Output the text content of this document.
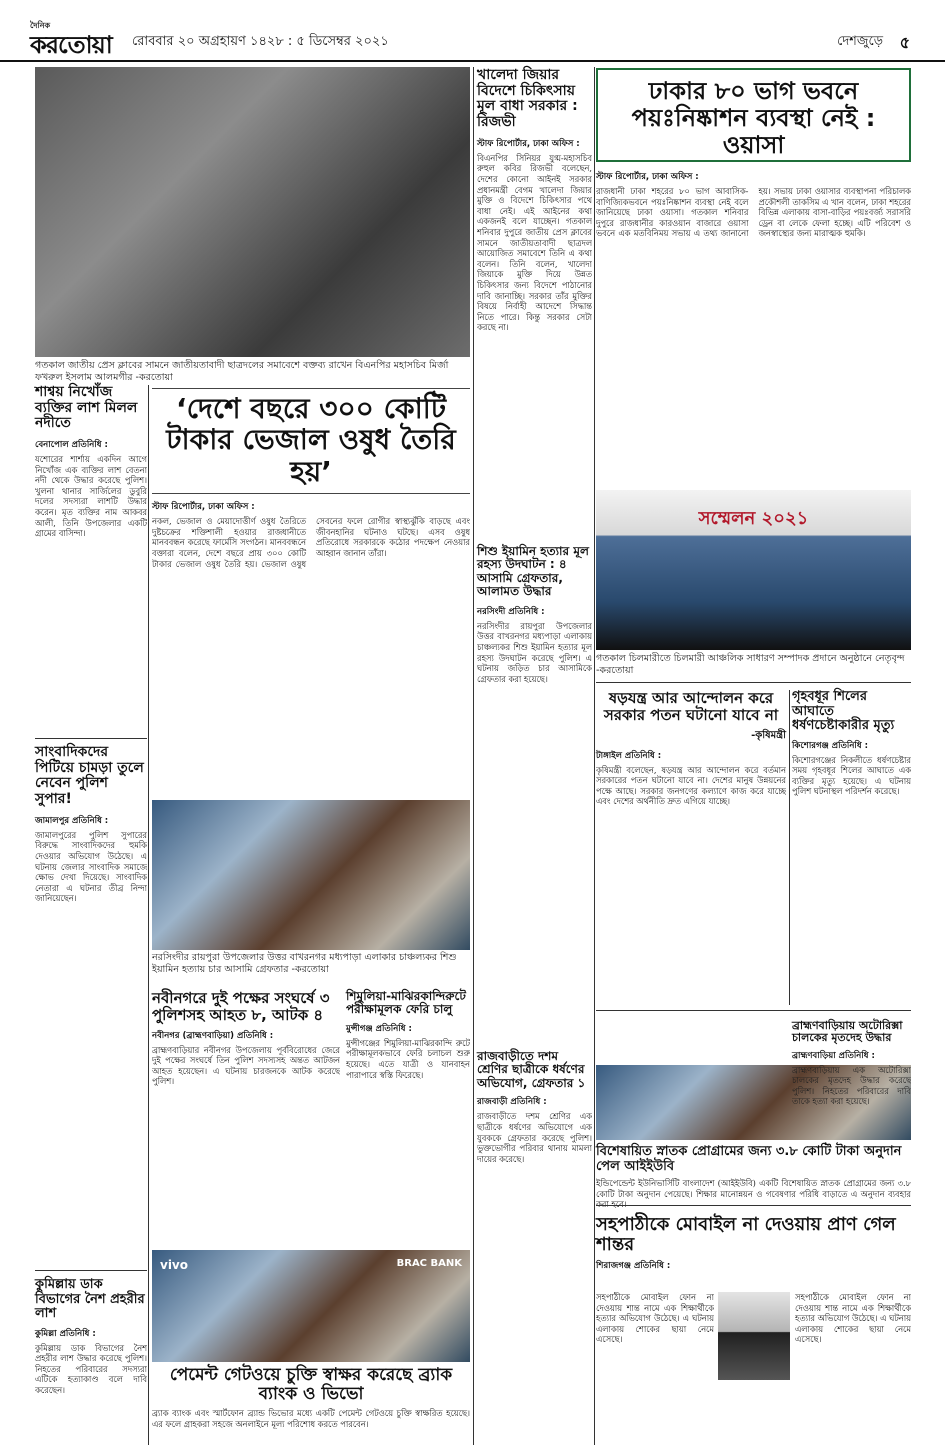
দৈনিক
করতোয়া	রোববার ২০ অগ্রহায়ণ ১৪২৮ : ৫ ডিসেম্বর ২০২১	দেশজুড়ে ৫
গতকাল জাতীয় প্রেস ক্লাবের সামনে জাতীয়তাবাদী ছাত্রদলের সমাবেশে বক্তব্য রাখেন বিএনপির মহাসচিব মির্জা ফখরুল ইসলাম আলমগীর -করতোয়া
খালেদা জিয়ার বিদেশে চিকিৎসায় মূল বাধা সরকার : রিজভী
স্টাফ রিপোর্টার, ঢাকা অফিস :
বিএনপির সিনিয়র যুগ্ম-মহাসচিব রুহুল কবির রিজভী বলেছেন, দেশের কোনো আইনই সরকার প্রধানমন্ত্রী বেগম খালেদা জিয়ার মুক্তি ও বিদেশে চিকিৎসার পথে বাধা নেই। এই আইনের কথা একজনই বলে যাচ্ছেন। গতকাল শনিবার দুপুরে জাতীয় প্রেস ক্লাবের সামনে জাতীয়তাবাদী ছাত্রদল আয়োজিত সমাবেশে তিনি এ কথা বলেন। তিনি বলেন, খালেদা জিয়াকে মুক্তি দিয়ে উন্নত চিকিৎসার জন্য বিদেশে পাঠানোর দাবি জানাচ্ছি। সরকার তাঁর মুক্তির বিষয়ে নির্বাহী আদেশে সিদ্ধান্ত নিতে পারে। কিন্তু সরকার সেটা করছে না।
ঢাকার ৮০ ভাগ ভবনে পয়ঃনিষ্কাশন ব্যবস্থা নেই : ওয়াসা
স্টাফ রিপোর্টার, ঢাকা অফিস :
রাজধানী ঢাকা শহরের ৮০ ভাগ আবাসিক-বাণিজ্যিকভবনে পয়ঃনিষ্কাশন ব্যবস্থা নেই বলে জানিয়েছে ঢাকা ওয়াসা। গতকাল শনিবার দুপুরে রাজধানীর কারওয়ান বাজারে ওয়াসা ভবনে এক মতবিনিময় সভায় এ তথ্য জানানো হয়। সভায় ঢাকা ওয়াসার ব্যবস্থাপনা পরিচালক প্রকৌশলী তাকসিম এ খান বলেন, ঢাকা শহরের বিভিন্ন এলাকায় বাসা-বাড়ির পয়ঃবর্জ্য সরাসরি ড্রেন বা লেকে ফেলা হচ্ছে। এটি পরিবেশ ও জনস্বাস্থ্যের জন্য মারাত্মক হুমকি।
শাশ্বয় নিখোঁজ ব্যক্তির লাশ মিলল নদীতে
বেনাপোল প্রতিনিধি :
যশোরের শার্শায় একদিন আগে নিখোঁজ এক ব্যক্তির লাশ বেতনা নদী থেকে উদ্ধার করেছে পুলিশ। খুলনা থানার সার্জিলের ডুবুরি দলের সদস্যরা লাশটি উদ্ধার করেন। মৃত ব্যক্তির নাম আকবর আলী, তিনি উপজেলার একটি গ্রামের বাসিন্দা।
‘দেশে বছরে ৩০০ কোটি টাকার ভেজাল ওষুধ তৈরি হয়’
স্টাফ রিপোর্টার, ঢাকা অফিস :
নকল, ভেজাল ও মেয়াদোত্তীর্ণ ওষুধ তৈরিতে দুষ্টচক্রের শক্তিশালী হওয়ার রাজধানীতে মানববন্ধন করেছে ফার্মেসি সংগঠন। মানববন্ধনে বক্তারা বলেন, দেশে বছরে প্রায় ৩০০ কোটি টাকার ভেজাল ওষুধ তৈরি হয়। ভেজাল ওষুধ সেবনের ফলে রোগীর স্বাস্থ্যঝুঁকি বাড়ছে এবং জীবনহানির ঘটনাও ঘটছে। এসব ওষুধ প্রতিরোধে সরকারকে কঠোর পদক্ষেপ নেওয়ার আহ্বান জানান তাঁরা।
সাংবাদিকদের পিটিয়ে চামড়া তুলে নেবেন পুলিশ সুপার!
জামালপুর প্রতিনিধি :
জামালপুরের পুলিশ সুপারের বিরুদ্ধে সাংবাদিকদের হুমকি দেওয়ার অভিযোগ উঠেছে। এ ঘটনায় জেলার সাংবাদিক সমাজে ক্ষোভ দেখা দিয়েছে। সাংবাদিক নেতারা এ ঘটনার তীব্র নিন্দা জানিয়েছেন।
কুমিল্লায় ডাক বিভাগের নৈশ প্রহরীর লাশ
কুমিল্লা প্রতিনিধি :
কুমিল্লায় ডাক বিভাগের নৈশ প্রহরীর লাশ উদ্ধার করেছে পুলিশ। নিহতের পরিবারের সদস্যরা এটিকে হত্যাকাণ্ড বলে দাবি করেছেন।
শিশু ইয়ামিন হত্যার মূল রহস্য উদঘাটন : ৪ আসামি গ্রেফতার, আলামত উদ্ধার
নরসিংদী প্রতিনিধি :
নরসিংদীর রায়পুরা উপজেলার উত্তর বাখরনগর মধ্যপাড়া এলাকায় চাঞ্চল্যকর শিশু ইয়ামিন হত্যার মূল রহস্য উদঘাটন করেছে পুলিশ। এ ঘটনায় জড়িত চার আসামিকে গ্রেফতার করা হয়েছে।
সম্মেলন ২০২১
গতকাল চিলমারীতে চিলমারী আঞ্চলিক সাধারণ সম্পাদক প্রদানে অনুষ্ঠানে নেতৃবৃন্দ -করতোয়া
ষড়যন্ত্র আর আন্দোলন করে সরকার পতন ঘটানো যাবে না
-কৃষিমন্ত্রী
টাঙ্গাইল প্রতিনিধি :
কৃষিমন্ত্রী বলেছেন, ষড়যন্ত্র আর আন্দোলন করে বর্তমান সরকারের পতন ঘটানো যাবে না। দেশের মানুষ উন্নয়নের পক্ষে আছে। সরকার জনগণের কল্যাণে কাজ করে যাচ্ছে এবং দেশের অর্থনীতি দ্রুত এগিয়ে যাচ্ছে।
গৃহবধূর শিলের আঘাতে ধর্ষণচেষ্টাকারীর মৃত্যু
কিশোরগঞ্জ প্রতিনিধি :
কিশোরগঞ্জের নিকলীতে ধর্ষণচেষ্টার সময় গৃহবধূর শিলের আঘাতে এক ব্যক্তির মৃত্যু হয়েছে। এ ঘটনায় পুলিশ ঘটনাস্থল পরিদর্শন করেছে।
নরসিংদীর রায়পুরা উপজেলার উত্তর বাখরনগর মধ্যপাড়া এলাকার চাঞ্চল্যকর শিশু ইয়ামিন হত্যায় চার আসামি গ্রেফতার -করতোয়া
নবীনগরে দুই পক্ষের সংঘর্ষে ৩ পুলিশসহ আহত ৮, আটক ৪
নবীনগর (ব্রাহ্মণবাড়িয়া) প্রতিনিধি :
ব্রাহ্মণবাড়িয়ার নবীনগর উপজেলায় পূর্ববিরোধের জেরে দুই পক্ষের সংঘর্ষে তিন পুলিশ সদস্যসহ অন্তত আটজন আহত হয়েছেন। এ ঘটনায় চারজনকে আটক করেছে পুলিশ।
শিমুলিয়া-মাঝিরকান্দিরুটে পরীক্ষামূলক ফেরি চালু
মুন্সীগঞ্জ প্রতিনিধি :
মুন্সীগঞ্জের শিমুলিয়া-মাঝিরকান্দি রুটে পরীক্ষামূলকভাবে ফেরি চলাচল শুরু হয়েছে। এতে যাত্রী ও যানবাহন পারাপারে স্বস্তি ফিরেছে।
রাজবাড়ীতে দশম শ্রেণির ছাত্রীকে ধর্ষণের অভিযোগ, গ্রেফতার ১
রাজবাড়ী প্রতিনিধি :
রাজবাড়ীতে দশম শ্রেণির এক ছাত্রীকে ধর্ষণের অভিযোগে এক যুবককে গ্রেফতার করেছে পুলিশ। ভুক্তভোগীর পরিবার থানায় মামলা দায়ের করেছে।	বিশেষায়িত স্নাতক প্রোগ্রামের জন্য ৩.৮ কোটি টাকা অনুদান পেল আইইউবি
ইন্ডিপেন্ডেন্ট ইউনিভার্সিটি বাংলাদেশ (আইইউবি) একটি বিশেষায়িত স্নাতক প্রোগ্রামের জন্য ৩.৮ কোটি টাকা অনুদান পেয়েছে। শিক্ষার মানোন্নয়ন ও গবেষণার পরিধি বাড়াতে এ অনুদান ব্যবহার
ব্রাহ্মণবাড়িয়ায় অটোরিক্সা চালকের মৃতদেহ উদ্ধার
ব্রাহ্মণবাড়িয়া প্রতিনিধি :
ব্রাহ্মণবাড়িয়ায় এক অটোরিক্সা চালকের মৃতদেহ উদ্ধার করেছে পুলিশ। নিহতের পরিবারের দাবি তাকে হত্যা করা হয়েছে।
vivo	BRAC BANK
পেমেন্ট গেটওয়ে চুক্তি স্বাক্ষর করেছে ব্র্যাক ব্যাংক ও ভিভো
ব্র্যাক ব্যাংক এবং স্মার্টফোন ব্র্যান্ড ভিভোর মধ্যে একটি পেমেন্ট গেটওয়ে চুক্তি স্বাক্ষরিত হয়েছে। এর ফলে গ্রাহকরা সহজে অনলাইনে মূল্য পরিশোধ করতে পারবেন।
সহপাঠীকে মোবাইল না দেওয়ায় প্রাণ গেল শান্তর
শিরাজগঞ্জ প্রতিনিধি :
সহপাঠীকে মোবাইল ফোন না দেওয়ায় শান্ত নামে এক শিক্ষার্থীকে হত্যার অভিযোগ উঠেছে। এ ঘটনায় এলাকায় শোকের ছায়া নেমে এসেছে।
সহপাঠীকে মোবাইল ফোন না দেওয়ায় শান্ত নামে এক শিক্ষার্থীকে হত্যার অভিযোগ উঠেছে। এ ঘটনায় এলাকায় শোকের ছায়া নেমে এসেছে।
